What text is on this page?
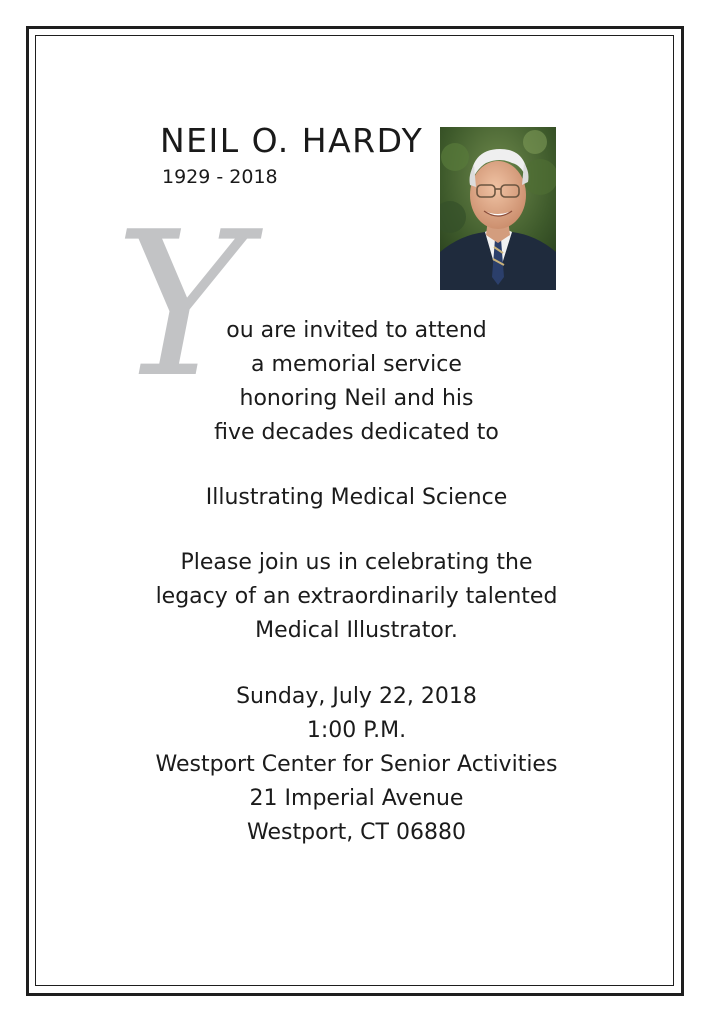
NEIL O. HARDY
1929 - 2018
Y
ou are invited to attend
a memorial service
honoring Neil and his
five decades dedicated to
Illustrating Medical Science
Please join us in celebrating the
legacy of an extraordinarily talented
Medical Illustrator.
Sunday, July 22, 2018
1:00 P.M.
Westport Center for Senior Activities
21 Imperial Avenue
Westport, CT 06880
